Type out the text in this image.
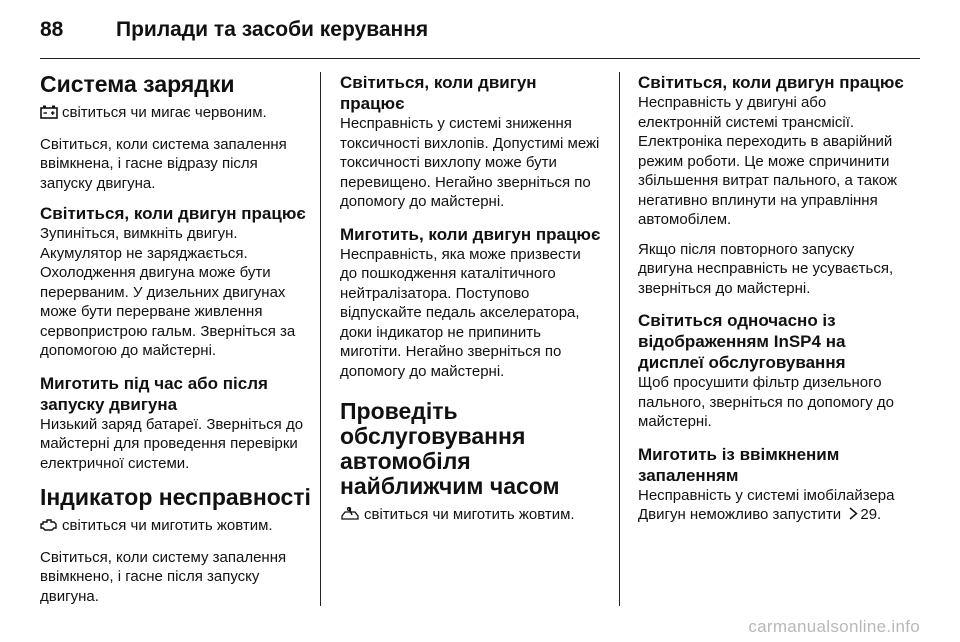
88	Прилади та засоби керування
Система зарядки

світиться чи мигає червоним.

Світиться, коли система запалення ввімкнена, і гасне відразу після запуску двигуна.

Світиться, коли двигун працює

Зупиніться, вимкніть двигун. Акумулятор не заряджається. Охолодження двигуна може бути перерваним. У дизельних двигунах може бути перерване живлення сервопристрою гальм. Зверніться за допомогою до майстерні.

Миготить під час або після запуску двигуна

Низький заряд батареї. Зверніться до майстерні для проведення перевірки електричної системи.

Індикатор несправності

світиться чи миготить жовтим.

Світиться, коли систему запалення ввімкнено, і гасне після запуску двигуна.

Світиться, коли двигун працює

Несправність у системі зниження токсичності вихлопів. Допустимі межі токсичності вихлопу може бути перевищено. Негайно зверніться по допомогу до майстерні.

Миготить, коли двигун працює

Несправність, яка може призвести до пошкодження каталітичного нейтралізатора. Поступово відпускайте педаль акселератора, доки індикатор не припинить миготіти. Негайно зверніться по допомогу до майстерні.

Проведіть обслуговування автомобіля найближчим часом

світиться чи миготить жовтим.

Світиться, коли двигун працює

Несправність у двигуні або електронній системі трансмісії. Електроніка переходить в аварійний режим роботи. Це може спричинити збільшення витрат пального, а також негативно вплинути на управління автомобілем.

Якщо після повторного запуску двигуна несправність не усувається, зверніться до майстерні.

Світиться одночасно із відображенням InSP4 на дисплеї обслуговування

Щоб просушити фільтр дизельного пального, зверніться по допомогу до майстерні.

Миготить із ввімкненим запаленням

Несправність у системі імобілайзера Двигун неможливо запустити 29.

carmanualsonline.info
